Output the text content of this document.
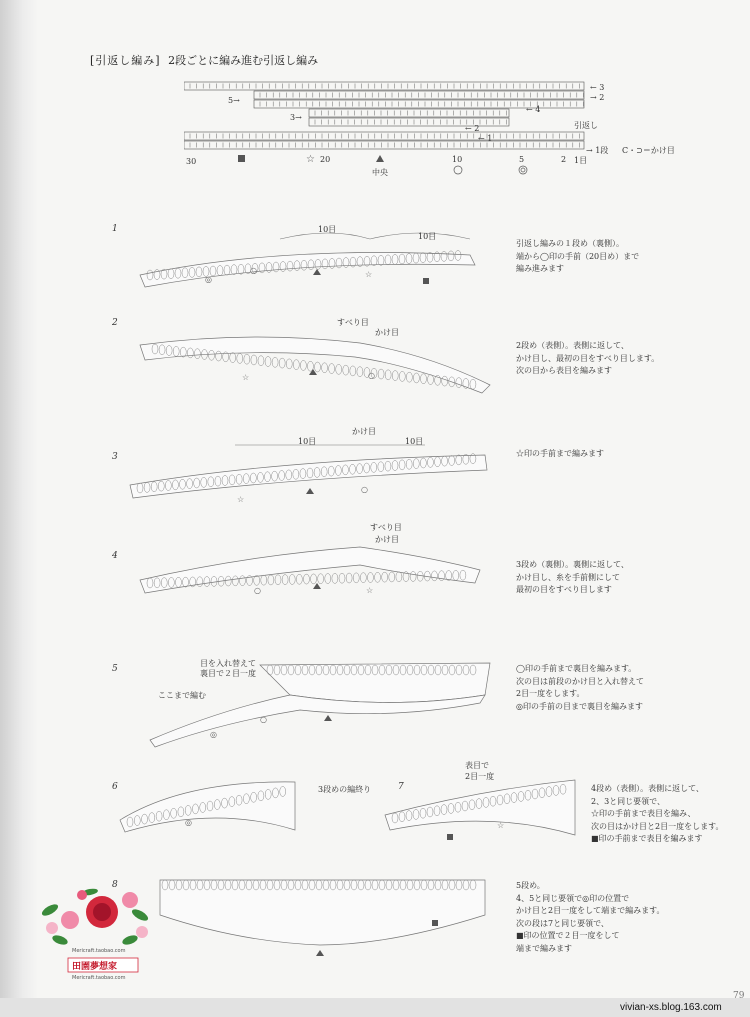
[引返し編み] 2段ごとに編み進む引返し編み
← 3
→ 2
引返し
→ 1段 C・⊃＝かけ目
5→
3→
← 4
← 2
← 1
30	20	10	5	2 1目
中央
☆
1
2
3
4
5
6	7
8
○	☆
◎
☆	○
☆
○
○	☆
○
◎
◎	☆
10目
10目
すべり目
かけ目
10目
かけ目
10目
すべり目
かけ目
目を入れ替えて
裏目で２目一度
ここまで編む
3段めの編終り
表目で
2目一度
引返し編みの１段め（裏側）。
端から◯印の手前（20目め）まで
編み進みます
2段め（表側）。表側に返して、
かけ目し、最初の目をすべり目します。
次の目から表目を編みます
☆印の手前まで編みます
3段め（裏側）。裏側に返して、
かけ目し、糸を手前側にして
最初の目をすべり目します
◯印の手前まで裏目を編みます。
次の目は前段のかけ目と入れ替えて
2目一度をします。
◎印の手前の目まで裏目を編みます
4段め（表側）。表側に返して、
2、3と同じ要領で、
☆印の手前まで表目を編み、
次の目はかけ目と2目一度をします。
■印の手前まで表目を編みます
5段め。
4、5と同じ要領で◎印の位置で
かけ目と2目一度をして端まで編みます。
次の段は7と同じ要領で、
■印の位置で２目一度をして
端まで編みます
田園夢想家
Mericraft.taobao.com
Mericraft.taobao.com
vivian-xs.blog.163.com
79
